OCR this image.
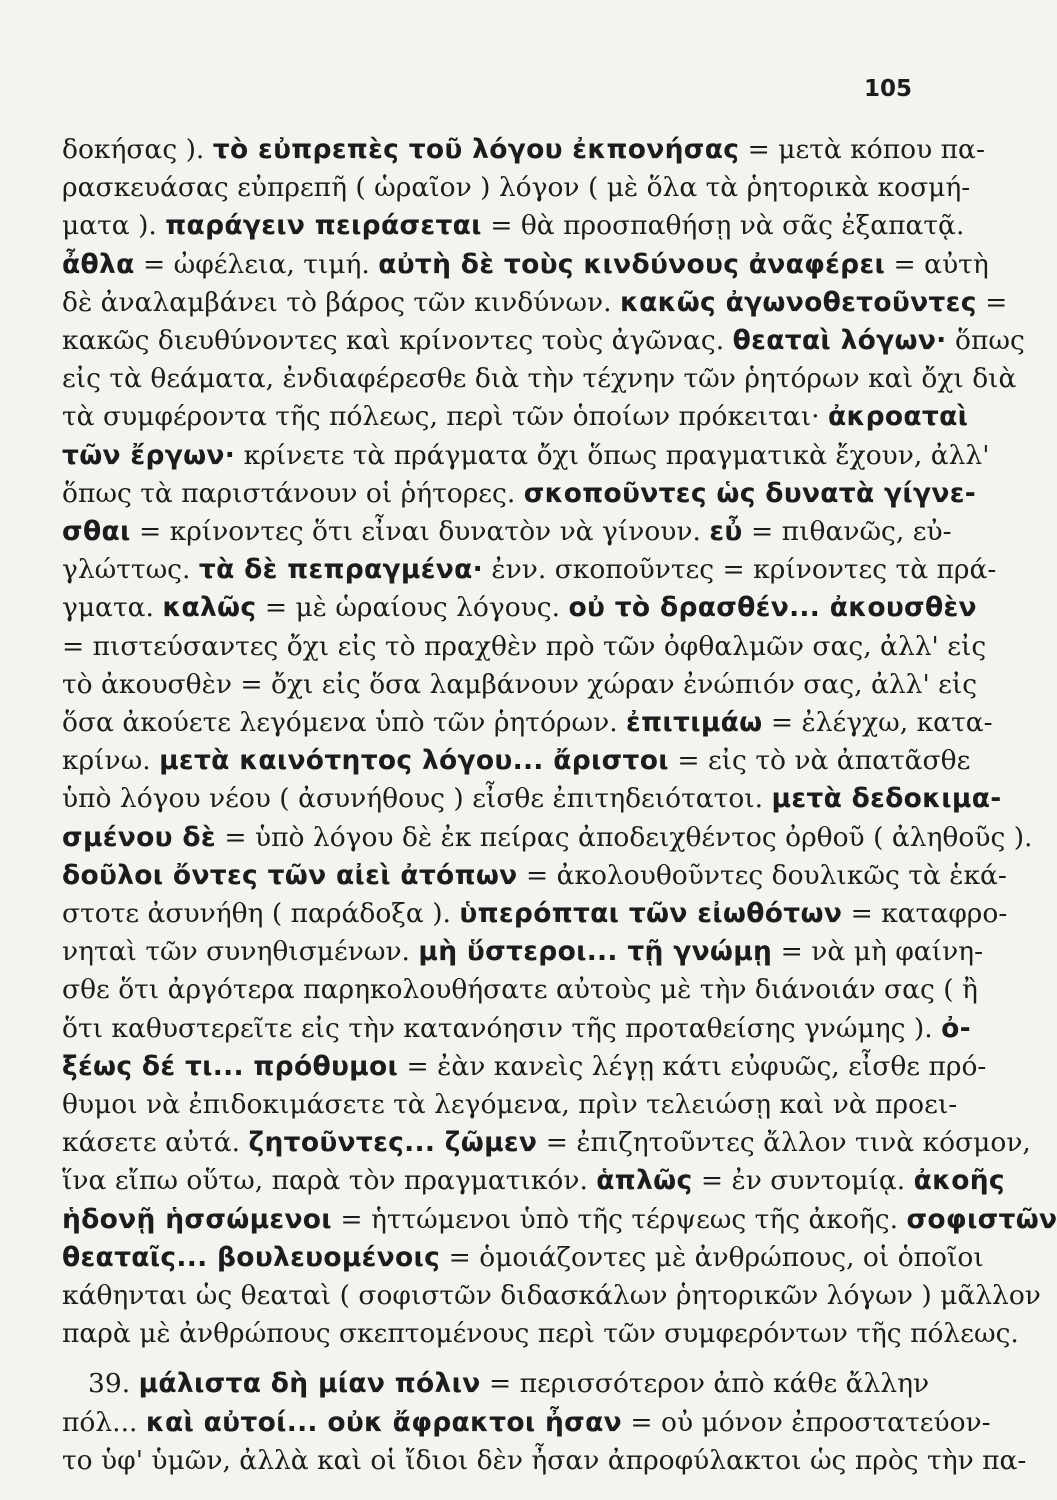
105
δοκήσας ). τὸ εὐπρεπὲς τοῦ λόγου ἐκπονήσας = μετὰ κόπου πα-
ρασκευάσας εὐπρεπῆ ( ὡραῖον ) λόγον ( μὲ ὅλα τὰ ῥητορικὰ κοσμή-
ματα ). παράγειν πειράσεται = θὰ προσπαθήσῃ νὰ σᾶς ἐξαπατᾷ.
ἆθλα = ὠφέλεια, τιμή. αὐτὴ δὲ τοὺς κινδύνους ἀναφέρει = αὐτὴ
δὲ ἀναλαμβάνει τὸ βάρος τῶν κινδύνων. κακῶς ἀγωνοθετοῦντες =
κακῶς διευθύνοντες καὶ κρίνοντες τοὺς ἀγῶνας. θεαταὶ λόγων· ὅπως
εἰς τὰ θεάματα, ἐνδιαφέρεσθε διὰ τὴν τέχνην τῶν ῥητόρων καὶ ὄχι διὰ
τὰ συμφέροντα τῆς πόλεως, περὶ τῶν ὁποίων πρόκειται· ἀκροαταὶ
τῶν ἔργων· κρίνετε τὰ πράγματα ὄχι ὅπως πραγματικὰ ἔχουν, ἀλλ'
ὅπως τὰ παριστάνουν οἱ ῥήτορες. σκοποῦντες ὡς δυνατὰ γίγνε-
σθαι = κρίνοντες ὅτι εἶναι δυνατὸν νὰ γίνουν. εὖ = πιθανῶς, εὐ-
γλώττως. τὰ δὲ πεπραγμένα· ἐνν. σκοποῦντες = κρίνοντες τὰ πρά-
γματα. καλῶς = μὲ ὡραίους λόγους. οὐ τὸ δρασθέν... ἀκουσθὲν
= πιστεύσαντες ὄχι εἰς τὸ πραχθὲν πρὸ τῶν ὀφθαλμῶν σας, ἀλλ' εἰς
τὸ ἀκουσθὲν = ὄχι εἰς ὅσα λαμβάνουν χώραν ἐνώπιόν σας, ἀλλ' εἰς
ὅσα ἀκούετε λεγόμενα ὑπὸ τῶν ῥητόρων. ἐπιτιμάω = ἐλέγχω, κατα-
κρίνω. μετὰ καινότητος λόγου... ἄριστοι = εἰς τὸ νὰ ἀπατᾶσθε
ὑπὸ λόγου νέου ( ἀσυνήθους ) εἶσθε ἐπιτηδειότατοι. μετὰ δεδοκιμα-
σμένου δὲ = ὑπὸ λόγου δὲ ἐκ πείρας ἀποδειχθέντος ὀρθοῦ ( ἀληθοῦς ).
δοῦλοι ὄντες τῶν αἰεὶ ἀτόπων = ἀκολουθοῦντες δουλικῶς τὰ ἑκά-
στοτε ἀσυνήθη ( παράδοξα ). ὑπερόπται τῶν εἰωθότων = καταφρο-
νηταὶ τῶν συνηθισμένων. μὴ ὕστεροι... τῇ γνώμῃ = νὰ μὴ φαίνη-
σθε ὅτι ἀργότερα παρηκολουθήσατε αὐτοὺς μὲ τὴν διάνοιάν σας ( ἢ
ὅτι καθυστερεῖτε εἰς τὴν κατανόησιν τῆς προταθείσης γνώμης ). ὀ-
ξέως δέ τι... πρόθυμοι = ἐὰν κανεὶς λέγῃ κάτι εὐφυῶς, εἶσθε πρό-
θυμοι νὰ ἐπιδοκιμάσετε τὰ λεγόμενα, πρὶν τελειώσῃ καὶ νὰ προει-
κάσετε αὐτά. ζητοῦντες... ζῶμεν = ἐπιζητοῦντες ἄλλον τινὰ κόσμον,
ἵνα εἴπω οὕτω, παρὰ τὸν πραγματικόν. ἁπλῶς = ἐν συντομίᾳ. ἀκοῆς
ἡδονῇ ἡσσώμενοι = ἡττώμενοι ὑπὸ τῆς τέρψεως τῆς ἀκοῆς. σοφιστῶν
θεαταῖς... βουλευομένοις = ὁμοιάζοντες μὲ ἀνθρώπους, οἱ ὁποῖοι
κάθηνται ὡς θεαταὶ ( σοφιστῶν διδασκάλων ῥητορικῶν λόγων ) μᾶλλον
παρὰ μὲ ἀνθρώπους σκεπτομένους περὶ τῶν συμφερόντων τῆς πόλεως.
39. μάλιστα δὴ μίαν πόλιν = περισσότερον ἀπὸ κάθε ἄλλην
πόλ... καὶ αὐτοί... οὐκ ἄφρακτοι ἦσαν = οὐ μόνον ἐπροστατεύον-
το ὑφ' ὑμῶν, ἀλλὰ καὶ οἱ ἴδιοι δὲν ἦσαν ἀπροφύλακτοι ὡς πρὸς τὴν πα-
